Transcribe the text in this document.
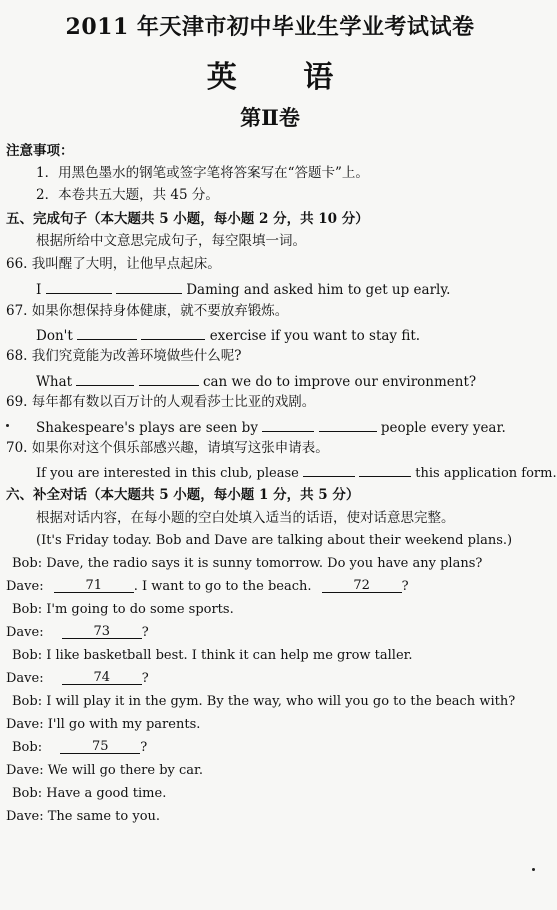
2011 年天津市初中毕业生学业考试试卷
英 语
第Ⅱ卷
注意事项：
1．用黑色墨水的钢笔或签字笔将答案写在“答题卡”上。
2．本卷共五大题，共 45 分。
五、完成句子（本大题共 5 小题，每小题 2 分，共 10 分）
根据所给中文意思完成句子，每空限填一词。
66. 我叫醒了大明，让他早点起床。
I	Daming and asked him to get up early.
67. 如果你想保持身体健康，就不要放弃锻炼。
Don't	exercise if you want to stay fit.
68. 我们究竟能为改善环境做些什么呢?
What	can we do to improve our environment?
69. 每年都有数以百万计的人观看莎士比亚的戏剧。
Shakespeare's plays are seen by	people every year.
70. 如果你对这个俱乐部感兴趣，请填写这张申请表。
If you are interested in this club, please	this application form.
六、补全对话（本大题共 5 小题，每小题 1 分，共 5 分）
根据对话内容，在每小题的空白处填入适当的话语，使对话意思完整。
(It's Friday today. Bob and Dave are talking about their weekend plans.)
Bob: Dave, the radio says it is sunny tomorrow. Do you have any plans?
Dave:	71 . I want to go to the beach.	72 ?
Bob: I'm going to do some sports.
Dave:	73 ?
Bob: I like basketball best. I think it can help me grow taller.
Dave:	74 ?
Bob: I will play it in the gym. By the way, who will you go to the beach with?
Dave: I'll go with my parents.
Bob:	75 ?
Dave: We will go there by car.
Bob: Have a good time.
Dave: The same to you.
